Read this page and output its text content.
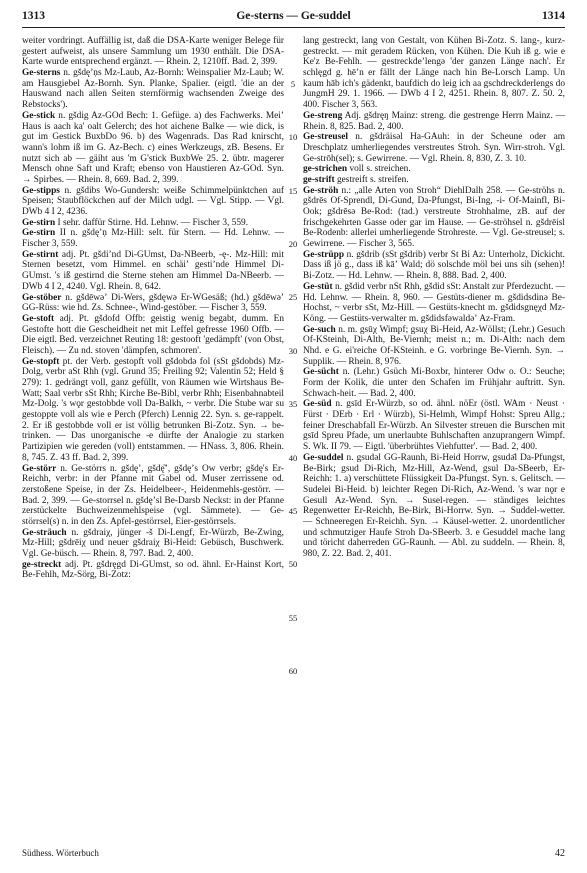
1313	Ge-sterns — Ge-suddel	1314
weiter vordringt. Auffällig ist, daß die DSA-Karte weniger Belege für gestert aufweist, als unsere Sammlung um 1930 enthält. Die DSA-Karte wurde entsprechend ergänzt. — Rhein. 2, 1210ff. Bad. 2, 399.
Ge-sterns n. gšdęʼṇs Mz-Laub, Az-Bornh: Weinspalier Mz-Laub; W. am Hausgiebel Az-Bornh. Syn. Planke, Spalier. (eigtl. 'die an der Hauswand nach allen Seiten sternförmig wachsenden Zweige des Rebstocks').
Ge-stick n. gšdig Az-GOd Bech: 1. Gefüge. a) des Fachwerks. Meiʼ Haus is aach ka' oalt Gelerch; des hot aichene Balke — wie dick, is gut im Gestick BuxbDo 96. b) des Wagenrads. Das Rad knirscht, wann's lohm iß im G. Az-Bech. c) eines Werkzeugs, zB. Besens. Er nutzt sich ab — gäiht aus 'm G'stick BuxbWe 25. 2. übtr. magerer Mensch ohne Saft und Kraft; ebenso von Haustieren Az-GOd. Syn. → Spirbes. — Rhein. 8, 669. Bad. 2, 399.
Ge-stipps n. gšdibs Wo-Gundersh: weiße Schimmelpünktchen auf Speisen; Staubflöckchen auf der Milch udgl. — Vgl. Stipp. — Vgl. DWb 4 I 2, 4236.
Ge-stirn I sehr. daffür Stirne. Hd. Lehnw. — Fischer 3, 559.
Ge-stirn II n. gšdęʼṇ Mz-Hill: selt. für Stern. — Hd. Lehnw. — Fischer 3, 559.
Ge-stirnt adj. Pt. gšdiʼnd Di-GUmst, Da-NBeerb, -ę-. Mz-Hill: mit Sternen besetzt, vom Himmel. en schäiʼ gestiʼnde Himmel Di-GUmst. 's iß gestirnd die Sterne stehen am Himmel Da-NBeerb. — DWb 4 I 2, 4240. Vgl. Rhein. 8, 642.
Ge-stöber n. gšdēwǝʼ Di-Wers, gšdęwǝ Er-WGesäß; (hd.) gšdēwǝʼ GG-Rüss: wie hd. Zs. Schnee-, Wind-gestöber. — Fischer 3, 559.
Ge-stoft adj. Pt. gšdofd Offb: geistig wenig begabt, dumm. En Gestofte hott die Gescheidheit net mit Leffel gefresse 1960 Offb. — Die eigtl. Bed. verzeichnet Reuting 18: gestooft 'gedämpft' (von Obst, Fleisch). — Zu nd. stoven 'dämpfen, schmoren'.
Ge-stopft pt. der Verb. gestopft voll gšdobdǝ fol (sSt gšdobds) Mz-Dolg, verbr aSt Rhh (vgl. Grund 35; Freiling 92; Valentin 52; Held § 279): 1. gedrängt voll, ganz gefüllt, von Räumen wie Wirtshaus Be-Watt; Saal verbr sSt Rhh; Kirche Be-Bibl, verbr Rhh; Eisenbahnabteil Mz-Dolg. 's wǫr gestobbde voll Da-Balkh, ~ verbr. Die Stube war su gestoppte voll als wie e Perch (Pferch) Lennig 22. Syn. s. ge-rappelt. 2. Er iß gestobbde voll er ist völlig betrunken Bi-Zotz. Syn. → be-trinken. — Das unorganische -e dürfte der Analogie zu starken Partizipien wie gereden (voll) entstammen. — HNass. 3, 806. Rhein. 8, 745. Z. 43 ff. Bad. 2, 399.
Ge-störr n. Ge-störrs n. gšdęʼ, gšdę͂ʼ, gšdęʼs Ow verbr; gšdę's Er-Reichh, verbr: in der Pfanne mit Gabel od. Muser zerrissene od. zerstoßene Speise, in der Zs. Heidelbeer-, Heidenmehls-gestörr. — Bad. 2, 399. — Ge-storrsel n. gšdęʼsl Be-Darsb Neckst: in der Pfanne zerstückelte Buchweizenmehlspeise (vgl. Sämmete). — Ge-störrsel(s) n. in den Zs. Apfel-gestörrsel, Eier-gestörrsels.
Ge-sträuch n. gšdraiχ, jünger -š Di-Lengf, Er-Würzb, Be-Zwing, Mz-Hill; gšdrēiχ und neuer gšdraiχ Bi-Heid: Gebüsch, Buschwerk. Vgl. Ge-büsch. — Rhein. 8, 797. Bad. 2, 400.
ge-streckt adj. Pt. gšdręgd Di-GUmst, so od. ähnl. Er-Hainst Kort, Be-Fehlh, Mz-Sörg, Bi-Zotz:
lang gestreckt, lang von Gestalt, von Kühen Bi-Zotz. S. lang-, kurz-gestreckt. — mit geradem Rücken, von Kühen. Die Kuh iß g. wie e Ke'z Be-Fehlh. — gestreckdeʼlengǝ 'der ganzen Länge nach'. Er schlęgd g. hēʼn er fällt der Länge nach hin Be-Lorsch Lamp. Un kaum hāb ich's gädenkt, baufdich do leig ich aa gschdreckderlengs do JungmH 29. 1. 1966. — DWb 4 I 2, 4251. Rhein. 8, 807. Z. 50. 2, 400. Fischer 3, 563.
Ge-streng Adj. gšdręŋ Mainz: streng. die gestrenge Herrn Mainz. — Rhein. 8, 825. Bad. 2, 400.
Ge-streusel n. gšdräisǝl Ha-GAuh: in der Scheune oder am Dreschplatz umherliegendes verstreutes Stroh. Syn. Wirr-stroh. Vgl. Ge-strōh(sel); s. Gewirrene. — Vgl. Rhein. 8, 830, Z. 3. 10.
ge-strichen voll s. streichen.
ge-strift gestreift s. streifen.
Ge-ströh n.: „alle Arten von Stroh“ DiehlDalh 258. — Ge-ströhs n. gšdrēs Of-Sprendl, Di-Gund, Da-Pfungst, Bi-Ing, -i- Of-Mainfl, Bi-Ook; gšdrēsǝ Be-Rod: (tad.) verstreute Strohhalme, zB. auf der frischgekehrten Gasse oder gar im Hause. — Ge-ströhsel n. gšdrēisl Be-Rodenb: allerlei umherliegende Strohreste. — Vgl. Ge-streusel; s. Gewirrene. — Fischer 3, 565.
Ge-strüpp n. gšdrib (sSt gšdrib) verbr St Bi Az: Unterholz, Dickicht. Dass iß jö g., dass iß kāʼ Wald; dö solschde möl bei uns sih (sehen)! Bi-Zotz. — Hd. Lehnw. — Rhein. 8, 888. Bad. 2, 400.
Ge-stüt n. gšdid verbr nSt Rhh, gšdid sSt: Anstalt zur Pferdezucht. — Hd. Lehnw. — Rhein. 8, 960. — Gestüts-diener m. gšdidsdinǝ Be-Hochst, ~ verbr sSt, Mz-Hill. — Gestüts-knecht m. gšdidsgnęχd Mz-Köng. — Gestüts-verwalter m. gšdidsfǝwaldǝʼ Az-Fram.
Ge-such n. m. gsūχ Wimpf; gsuχ Bi-Heid, Az-Wöllst; (Lehr.) Gesuch Of-KSteinh, Di-Alth, Be-Viernh; meist n.; m. Di-Alth: nach dem Nhd. e G. ei'reiche Of-KSteinh. e G. vorbringe Be-Viernh. Syn. → Supplik. — Rhein. 8, 976.
Ge-sücht n. (Lehr.) Gsüch Mi-Boxbr, hinterer Odw o. O.: Seuche; Form der Kolik, die unter den Schafen im Frühjahr auftritt. Syn. Schwach-heit. — Bad. 2, 400.
Ge-süd n. gsīd Er-Würzb, so od. ähnl. nöEr (östl. WAm · Neust · Fürst · DErb · Erl · Würzb), Si-Helmh, Wimpf Hohst: Spreu Allg.; feiner Dreschabfall Er-Würzb. An Silvester streuen die Burschen mit gsīd Spreu Pfade, um unerlaubte Buhlschaften anzuprangern Wimpf. S. Wk. II 79. — Eigtl. 'überbrühtes Viehfutter'. — Bad. 2, 400.
Ge-suddel n. gsudǝl GG-Raunh, Bi-Heid Horrw, gsudǝ̄l Da-Pfungst, Be-Birk; gsud Di-Rich, Mz-Hill, Az-Wend, gsul Da-SBeerb, Er-Reichh: 1. a) verschüttete Flüssigkeit Da-Pfungst. Syn. s. Gelitsch. — Sudelei Bi-Heid. b) leichter Regen Di-Rich, Az-Wend. 's war nǫr e Gesull Az-Wend. Syn. → Susel-regen. — ständiges leichtes Regenwetter Er-Reichh, Be-Birk, Bi-Horrw. Syn. → Suddel-wetter. — Schneeregen Er-Reichh. Syn. → Käusel-wetter. 2. unordentlicher und schmutziger Haufe Stroh Da-SBeerb. 3. e Gesuddel mache lang und töricht daherreden GG-Raunh. — Abl. zu suddeln. — Rhein. 8, 980, Z. 22. Bad. 2, 401.
5
10
15
20
25
30
35
40
45
50
55
60
Südhess. Wörterbuch	42
